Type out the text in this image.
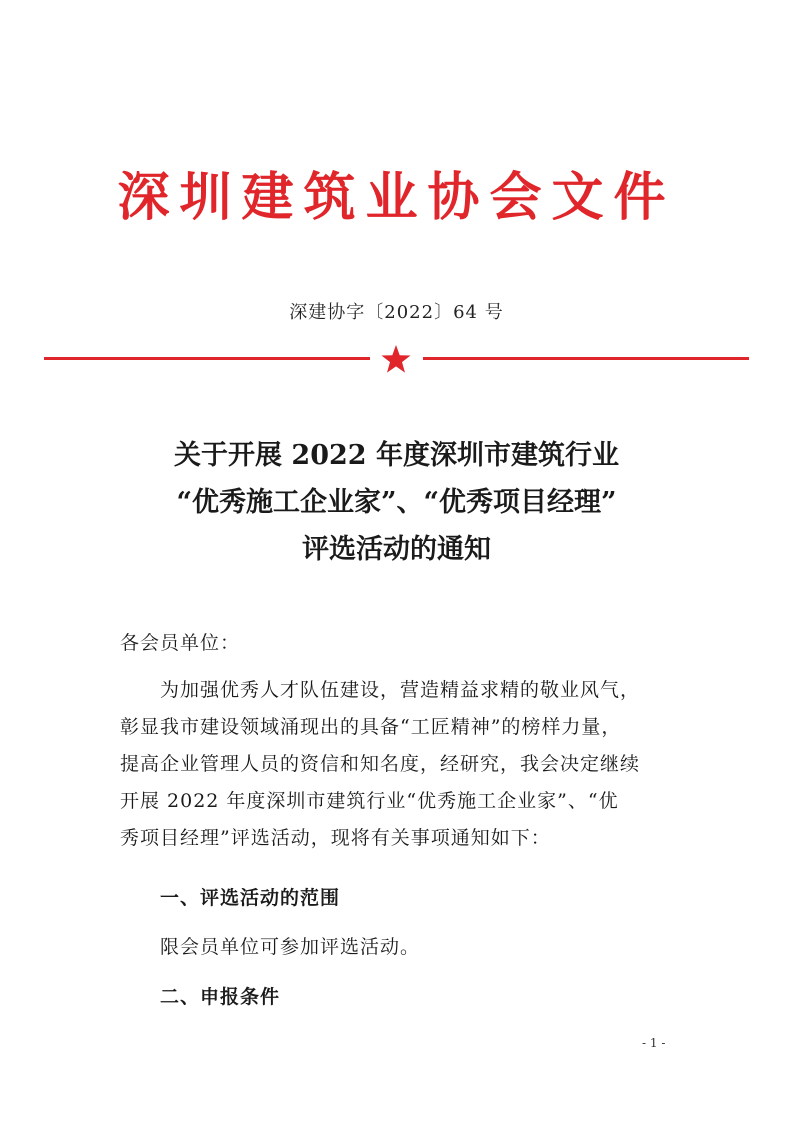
深圳建筑业协会文件
深建协字〔2022〕64 号
关于开展 2022 年度深圳市建筑行业
“优秀施工企业家”、“优秀项目经理”
评选活动的通知
各会员单位：
为加强优秀人才队伍建设，营造精益求精的敬业风气，
彰显我市建设领域涌现出的具备“工匠精神”的榜样力量，
提高企业管理人员的资信和知名度，经研究，我会决定继续
开展 2022 年度深圳市建筑行业“优秀施工企业家”、“优
秀项目经理”评选活动，现将有关事项通知如下：
一、评选活动的范围
限会员单位可参加评选活动。
二、申报条件
- 1 -
